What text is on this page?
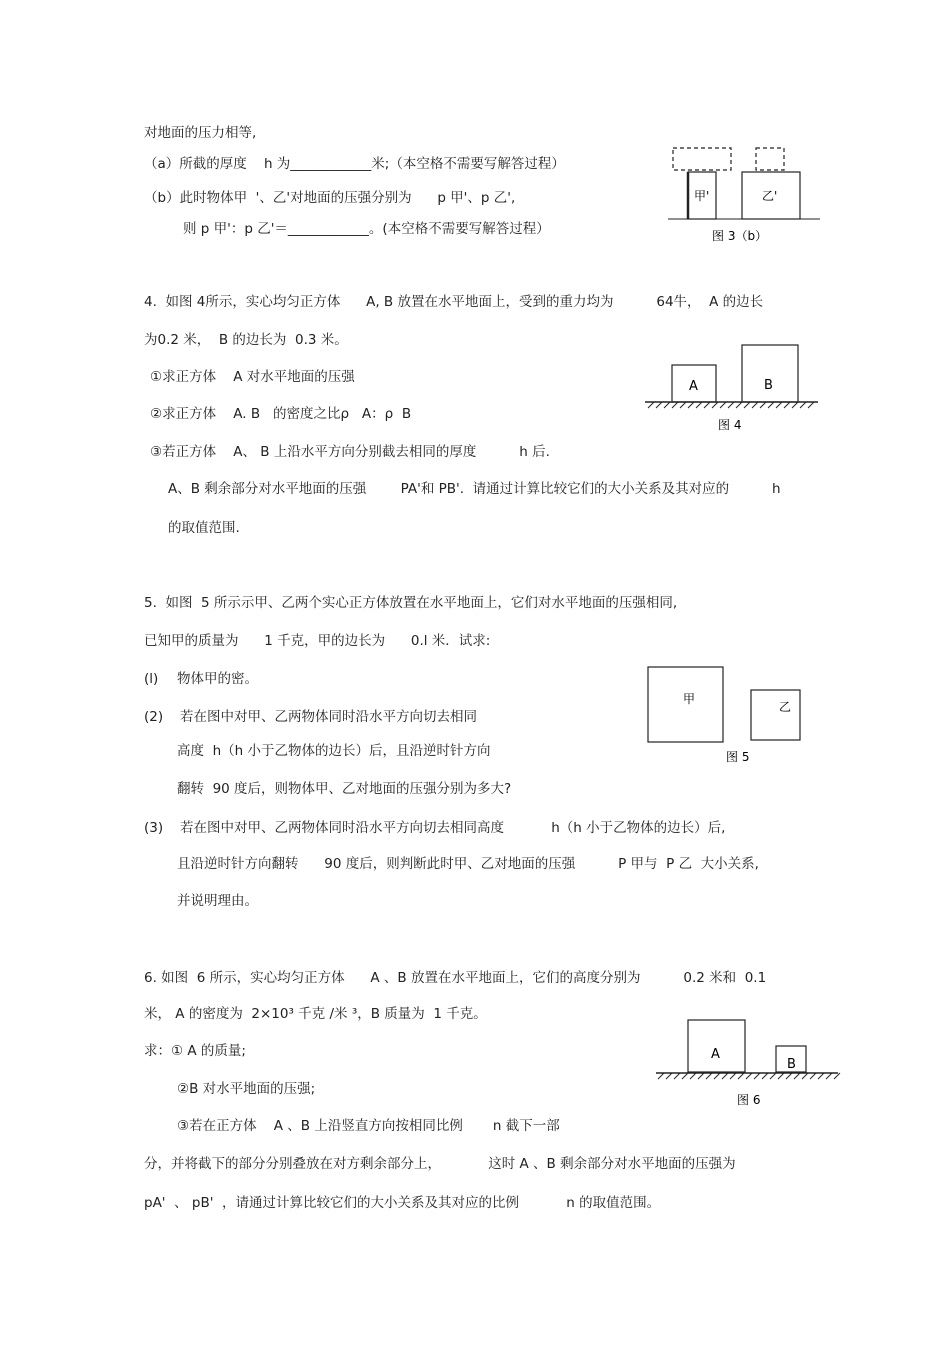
对地面的压力相等,
（a）所截的厚度    h 为____________米;（本空格不需要写解答过程）
（b）此时物体甲  '、乙'对地面的压强分别为      p 甲'、p 乙',
则 p 甲'：p 乙'＝____________。(本空格不需要写解答过程）
甲'	乙'
图 3（b）
4.  如图 4所示，实心均匀正方体      A, B 放置在水平地面上，受到的重力均为          64牛，  A 的边长
为0.2 米，  B 的边长为  0.3 米。
①求正方体    A 对水平地面的压强
②求正方体    A. B   的密度之比ρ   A：ρ  B
③若正方体    A、 B 上沿水平方向分别截去相同的厚度          h 后.
A、B 剩余部分对水平地面的压强        PA'和 PB'.  请通过计算比较它们的大小关系及其对应的          h
的取值范围.
A	B
图 4
5.  如图  5 所示示甲、乙两个实心正方体放置在水平地面上，它们对水平地面的压强相同,
已知甲的质量为      1 千克，甲的边长为      0.l 米．试求:
(l) 物体甲的密。
(2) 若在图中对甲、乙两物体同时沿水平方向切去相同
高度  h（h 小于乙物体的边长）后，且沿逆时针方向
翻转  90 度后，则物体甲、乙对地面的压强分别为多大?
(3) 若在图中对甲、乙两物体同时沿水平方向切去相同高度           h（h 小于乙物体的边长）后,
且沿逆时针方向翻转      90 度后，则判断此时甲、乙对地面的压强          P 甲与  P 乙  大小关系,
并说明理由。
甲
乙
图 5
6. 如图  6 所示，实心均匀正方体      A 、B 放置在水平地面上，它们的高度分别为          0.2 米和  0.1
米， A 的密度为  2×10³ 千克 /米 ³，B 质量为  1 千克。
求：① A 的质量;
②B 对水平地面的压强;
③若在正方体    A 、B 上沿竖直方向按相同比例       n 截下一部
分，并将截下的部分分别叠放在对方剩余部分上，           这时 A 、B 剩余部分对水平地面的压强为
pA'  、 pB'  ，请通过计算比较它们的大小关系及其对应的比例           n 的取值范围。
A
B
图 6
